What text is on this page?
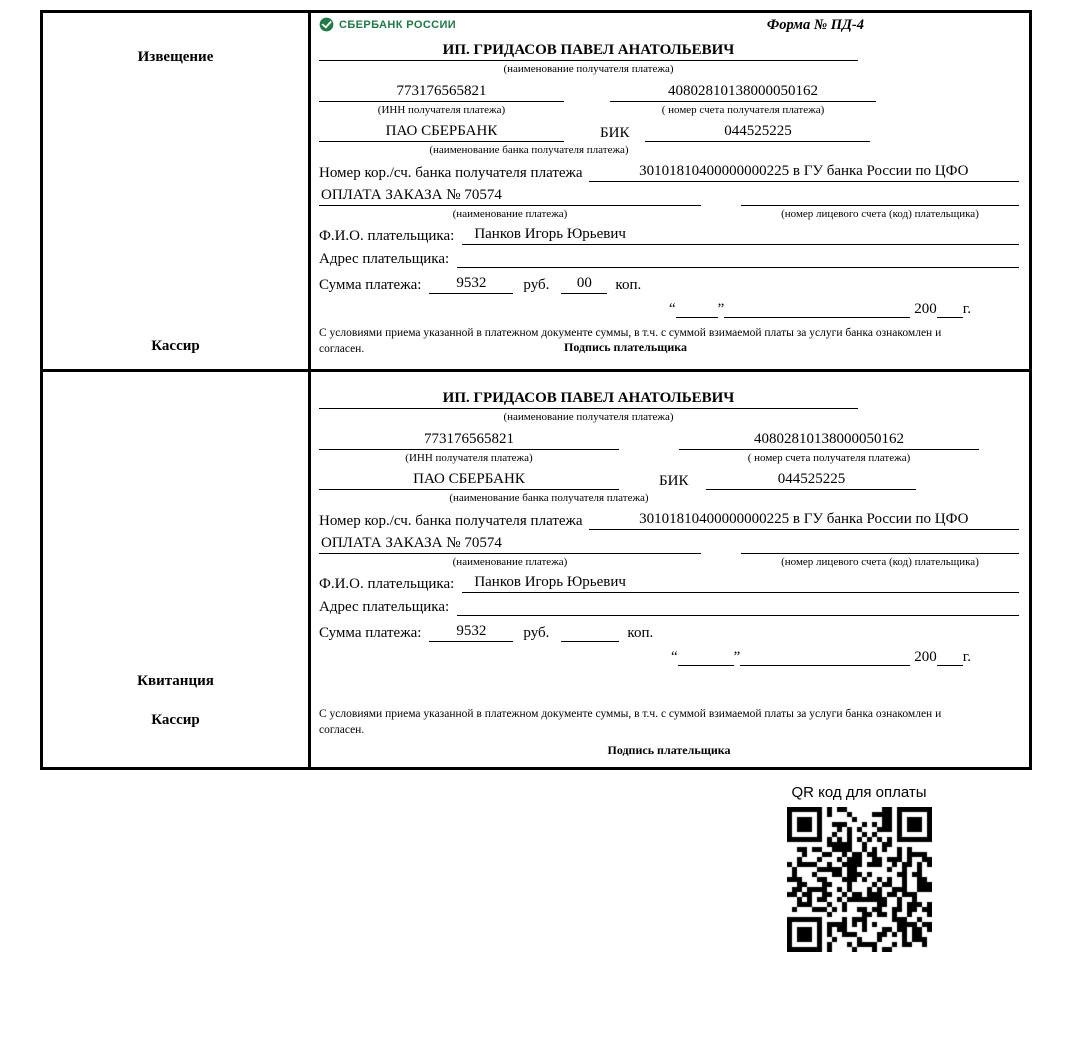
Извещение
Кассир
СБЕРБАНК РОССИИ	Форма № ПД-4
ИП. ГРИДАСОВ ПАВЕЛ АНАТОЛЬЕВИЧ
(наименование получателя платежа)
773176565821	40802810138000050162
(ИНН получателя платежа)	( номер счета получателя платежа)
ПАО СБЕРБАНК	БИК	044525225
(наименование банка получателя платежа)
Номер кор./сч. банка получателя платежа	30101810400000000225 в ГУ банка России по ЦФО
ОПЛАТА ЗАКАЗА № 70574
(наименование платежа)	(номер лицевого счета (код) плательщика)
Ф.И.О. плательщика:	Панков Игорь Юрьевич
Адрес плательщика:
Сумма платежа:	9532	руб.	00	коп.
“	”	200 г.

С условиями приема указанной в платежном документе суммы, в т.ч. с суммой взимаемой платы за услуги банка ознакомлен и согласен.	Подпись плательщика
Квитанция
Кассир
ИП. ГРИДАСОВ ПАВЕЛ АНАТОЛЬЕВИЧ
(наименование получателя платежа)
773176565821	40802810138000050162
(ИНН получателя платежа)	( номер счета получателя платежа)
ПАО СБЕРБАНК	БИК	044525225
(наименование банка получателя платежа)
Номер кор./сч. банка получателя платежа	30101810400000000225 в ГУ банка России по ЦФО
ОПЛАТА ЗАКАЗА № 70574
(наименование платежа)	(номер лицевого счета (код) плательщика)
Ф.И.О. плательщика:	Панков Игорь Юрьевич
Адрес плательщика:
Сумма платежа:	9532	руб.	коп.
“	”	200 г.

С условиями приема указанной в платежном документе суммы, в т.ч. с суммой взимаемой платы за услуги банка ознакомлен и согласен.

Подпись плательщика
QR код для оплаты
